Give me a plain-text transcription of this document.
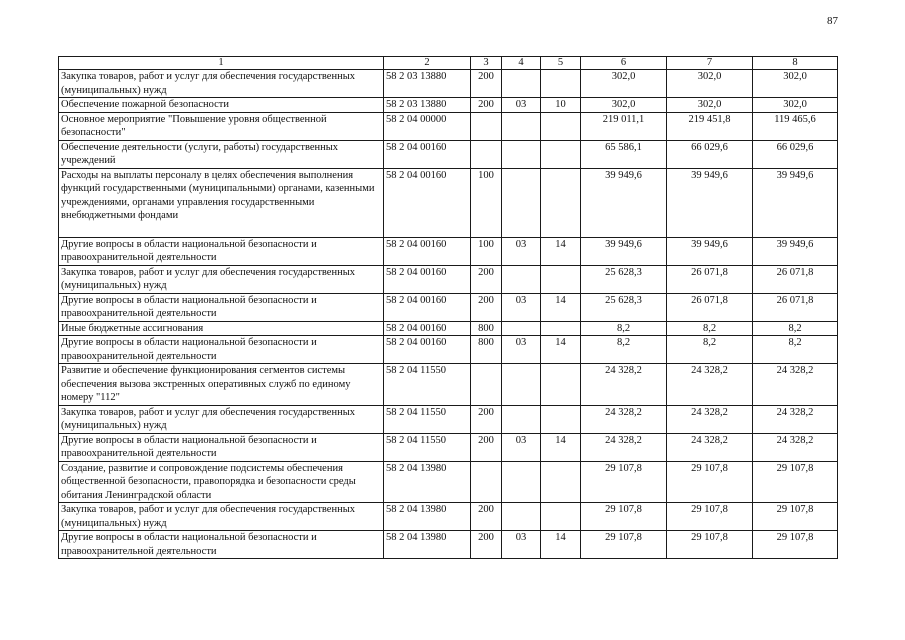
87
1	2	3	4	5	6	7	8
Закупка товаров, работ и услуг для обеспечения государственных (муниципальных) нужд	58 2 03 13880	200			302,0	302,0	302,0
Обеспечение пожарной безопасности	58 2 03 13880	200	03	10	302,0	302,0	302,0
Основное мероприятие "Повышение уровня общественной безопасности"	58 2 04 00000				219 011,1	219 451,8	119 465,6
Обеспечение деятельности (услуги, работы) государственных учреждений	58 2 04 00160				65 586,1	66 029,6	66 029,6
Расходы на выплаты персоналу в целях обеспечения выполнения функций государственными (муниципальными) органами, казенными учреждениями, органами управления государственными внебюджетными фондами	58 2 04 00160	100			39 949,6	39 949,6	39 949,6
Другие вопросы в области национальной безопасности и правоохранительной деятельности	58 2 04 00160	100	03	14	39 949,6	39 949,6	39 949,6
Закупка товаров, работ и услуг для обеспечения государственных (муниципальных) нужд	58 2 04 00160	200			25 628,3	26 071,8	26 071,8
Другие вопросы в области национальной безопасности и правоохранительной деятельности	58 2 04 00160	200	03	14	25 628,3	26 071,8	26 071,8
Иные бюджетные ассигнования	58 2 04 00160	800			8,2	8,2	8,2
Другие вопросы в области национальной безопасности и правоохранительной деятельности	58 2 04 00160	800	03	14	8,2	8,2	8,2
Развитие и обеспечение функционирования сегментов системы обеспечения вызова экстренных оперативных служб по единому номеру "112"	58 2 04 11550				24 328,2	24 328,2	24 328,2
Закупка товаров, работ и услуг для обеспечения государственных (муниципальных) нужд	58 2 04 11550	200			24 328,2	24 328,2	24 328,2
Другие вопросы в области национальной безопасности и правоохранительной деятельности	58 2 04 11550	200	03	14	24 328,2	24 328,2	24 328,2
Создание, развитие и сопровождение подсистемы обеспечения общественной безопасности, правопорядка и безопасности среды обитания Ленинградской области	58 2 04 13980				29 107,8	29 107,8	29 107,8
Закупка товаров, работ и услуг для обеспечения государственных (муниципальных) нужд	58 2 04 13980	200			29 107,8	29 107,8	29 107,8
Другие вопросы в области национальной безопасности и правоохранительной деятельности	58 2 04 13980	200	03	14	29 107,8	29 107,8	29 107,8
